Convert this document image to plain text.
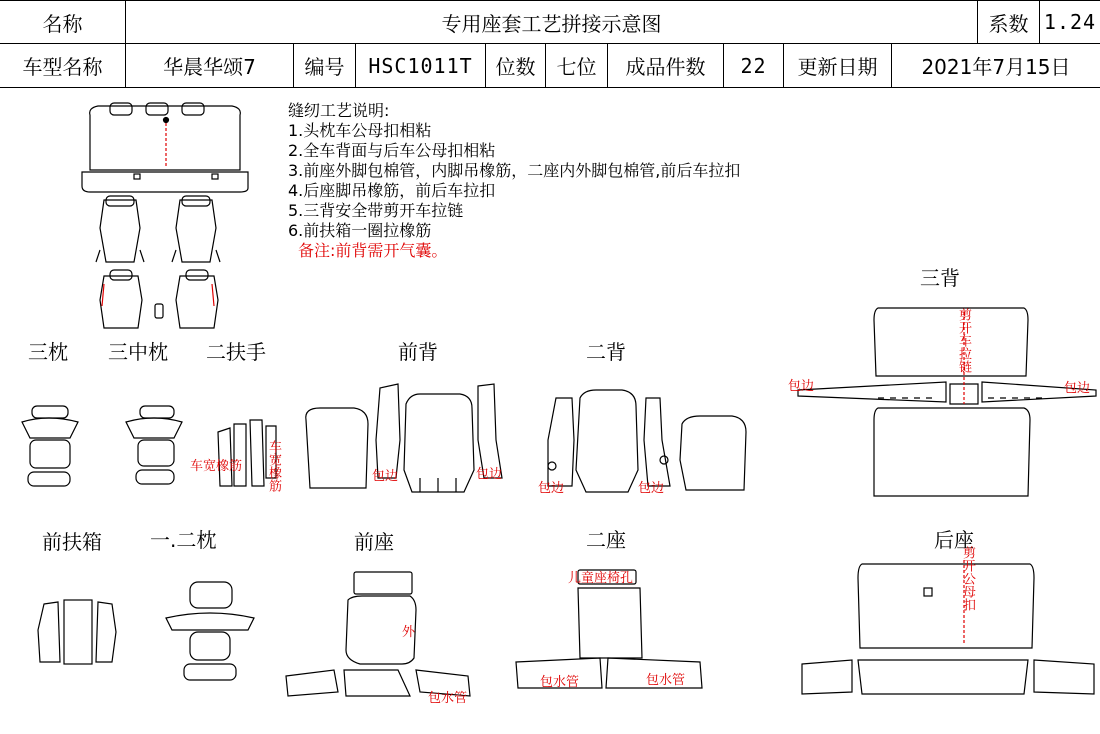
名称	专用座套工艺拼接示意图	系数 1.24
车型名称	华晨华颂7	编号	HSC1011T	位数	七位	成品件数	22	更新日期	2021年7月15日
缝纫工艺说明:
1.头枕车公母扣相粘
2.全车背面与后车公母扣相粘
3.前座外脚包棉管，内脚吊橡筋，二座内外脚包棉管,前后车拉扣
4.后座脚吊橡筋，前后车拉扣
5.三背安全带剪开车拉链
6.前扶箱一圈拉橡筋
备注:前背需开气囊。
三枕 三中枕 二扶手	前背	二背
三背
前扶箱 一.二枕	前座	二座	后座
车宽橡筋 车宽橡筋	包边	包边
包边	包边
包边	包边
剪开车拉链
儿童座椅孔
外
包水管
包水管	包水管
剪开公母扣
